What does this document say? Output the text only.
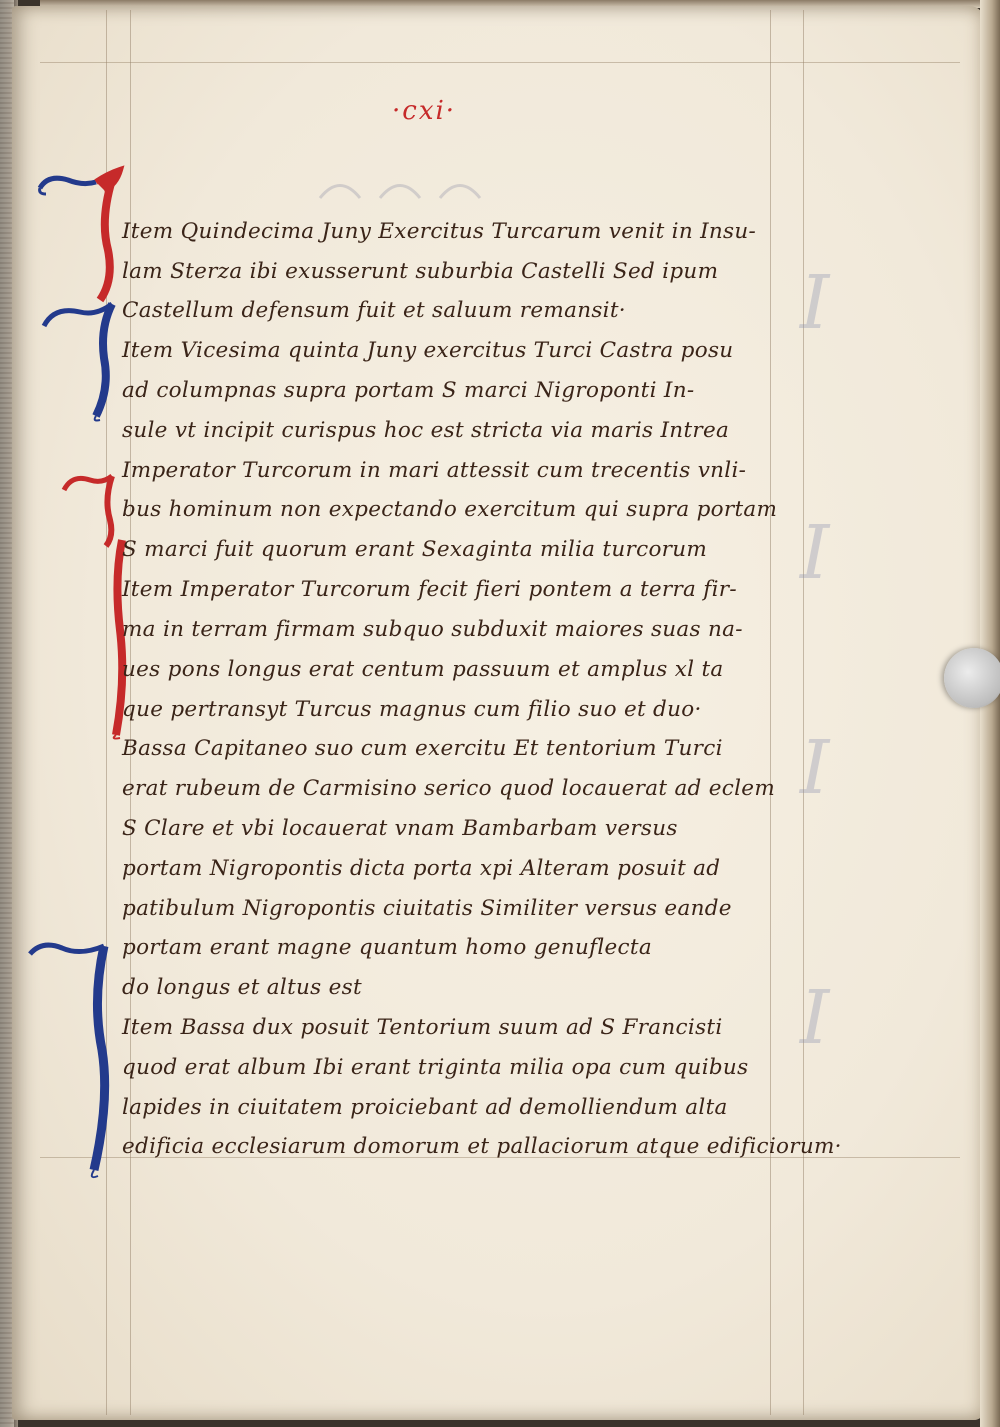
I
I
I
I
·cxi·
Item Quindecima Juny Exercitus Turcarum venit in Insu-
lam Sterza ibi exusserunt suburbia Castelli Sed ipum
Castellum defensum fuit et saluum remansit·
Item Vicesima quinta Juny exercitus Turci Castra posu
ad columpnas supra portam S marci Nigroponti In-
sule vt incipit curispus hoc est stricta via maris Intrea
Imperator Turcorum in mari attessit cum trecentis vnli-
bus hominum non expectando exercitum qui supra portam
S marci fuit quorum erant Sexaginta milia turcorum
Item Imperator Turcorum fecit fieri pontem a terra fir-
ma in terram firmam subquo subduxit maiores suas na-
ues pons longus erat centum passuum et amplus xl ta
que pertransyt Turcus magnus cum filio suo et duo·
Bassa Capitaneo suo cum exercitu Et tentorium Turci
erat rubeum de Carmisino serico quod locauerat ad eclem
S Clare et vbi locauerat vnam Bambarbam versus
portam Nigropontis dicta porta xpi Alteram posuit ad
patibulum Nigropontis ciuitatis Similiter versus eande
portam erant magne quantum homo genuflecta
do longus et altus est
Item Bassa dux posuit Tentorium suum ad S Francisti
quod erat album Ibi erant triginta milia opa cum quibus
lapides in ciuitatem proiciebant ad demolliendum alta
edificia ecclesiarum domorum et pallaciorum atque edificiorum·
